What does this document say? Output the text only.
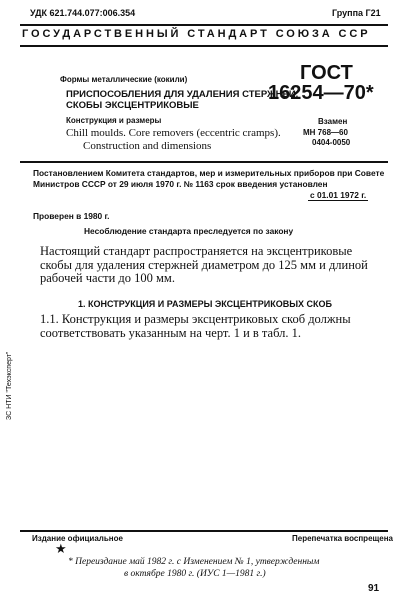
УДК 621.744.077:006.354	Группа Г21
ГОСУДАРСТВЕННЫЙ СТАНДАРТ СОЮЗА ССР
Формы металлические (кокили)
ПРИСПОСОБЛЕНИЯ ДЛЯ УДАЛЕНИЯ СТЕРЖНЕЙ.
СКОБЫ ЭКСЦЕНТРИКОВЫЕ
Конструкция и размеры
Chill moulds. Core removers (eccentric cramps).
Construction and dimensions
ГОСТ
16254—70*
Взамен
МН 768—60
0404-0050
Постановлением Комитета стандартов, мер и измерительных приборов при Совете Министров СССР от 29 июля 1970 г. № 1163 срок введения установлен
с 01.01 1972 г.
Проверен в 1980 г.
Несоблюдение стандарта преследуется по закону
Настоящий стандарт распространяется на эксцентриковые скобы для удаления стержней диаметром до 125 мм и длиной рабочей части до 100 мм.
1. КОНСТРУКЦИЯ И РАЗМЕРЫ ЭКСЦЕНТРИКОВЫХ СКОБ
1.1. Конструкция и размеры эксцентриковых скоб должны соответствовать указанным на черт. 1 и в табл. 1.
ЗС НТИ "Техэксперт"
Издание официальное	Перепечатка воспрещена
★
* Переиздание май 1982 г. с Изменением № 1, утвержденным
в октябре 1980 г. (ИУС 1—1981 г.)
91
